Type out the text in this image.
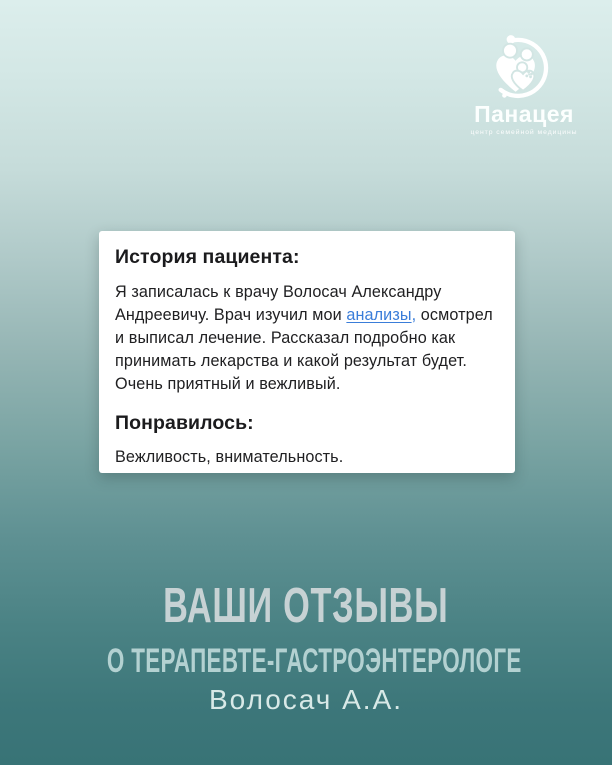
Панацея
центр семейной медицины
История пациента:

Я записалась к врачу Волосач Александру Андреевичу. Врач изучил мои анализы, осмотрел и выписал лечение. Рассказал подробно как принимать лекарства и какой результат будет. Очень приятный и вежливый.

Понравилось:

Вежливость, внимательность.

ВАШИ ОТЗЫВЫ
О ТЕРАПЕВТЕ-ГАСТРОЭНТЕРОЛОГЕ
Волосач А.А.
